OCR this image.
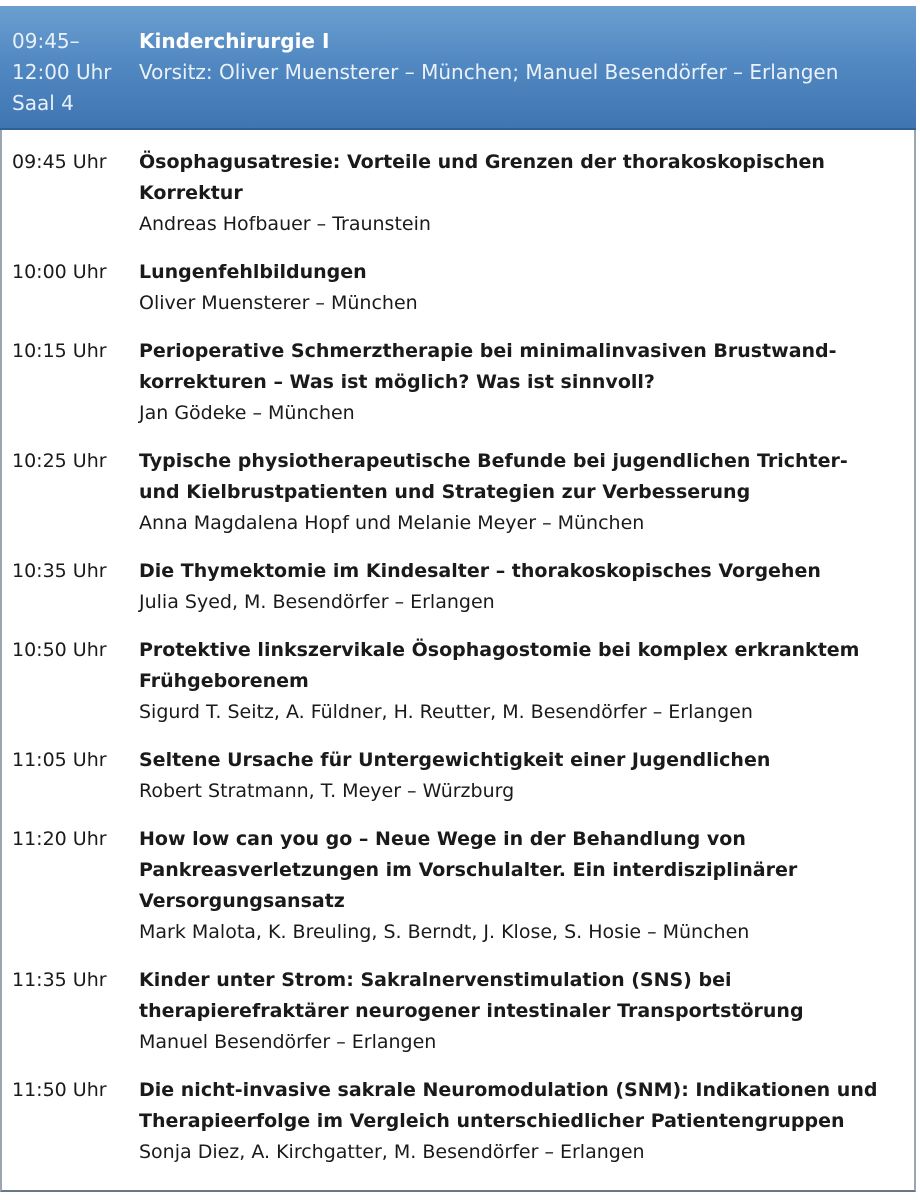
09:45–
12:00 Uhr
Saal 4

Kinderchirurgie I

Vorsitz: Oliver Muensterer – München; Manuel Besendörfer – Erlangen

09:45 Uhr Ösophagusatresie: Vorteile und Grenzen der thorakoskopischen
Korrektur

Andreas Hofbauer – Traunstein

10:00 Uhr Lungenfehlbildungen

Oliver Muensterer – München

10:15 Uhr Perioperative Schmerztherapie bei minimalinvasiven Brustwand-
korrekturen – Was ist möglich? Was ist sinnvoll?

Jan Gödeke – München

10:25 Uhr Typische physiotherapeutische Befunde bei jugendlichen Trichter-
und Kielbrustpatienten und Strategien zur Verbesserung

Anna Magdalena Hopf und Melanie Meyer – München

10:35 Uhr Die Thymektomie im Kindesalter – thorakoskopisches Vorgehen

Julia Syed, M. Besendörfer – Erlangen

10:50 Uhr Protektive linkszervikale Ösophagostomie bei komplex erkranktem
Frühgeborenem

Sigurd T. Seitz, A. Füldner, H. Reutter, M. Besendörfer – Erlangen

11:05 Uhr Seltene Ursache für Untergewichtigkeit einer Jugendlichen

Robert Stratmann, T. Meyer – Würzburg

11:20 Uhr How low can you go – Neue Wege in der Behandlung von
Pankreasverletzungen im Vorschulalter. Ein interdisziplinärer
Versorgungsansatz

Mark Malota, K. Breuling, S. Berndt, J. Klose, S. Hosie – München

11:35 Uhr Kinder unter Strom: Sakralnervenstimulation (SNS) bei
therapierefraktärer neurogener intestinaler Transportstörung

Manuel Besendörfer – Erlangen

11:50 Uhr Die nicht-invasive sakrale Neuromodulation (SNM): Indikationen und
Therapieerfolge im Vergleich unterschiedlicher Patientengruppen

Sonja Diez, A. Kirchgatter, M. Besendörfer – Erlangen
